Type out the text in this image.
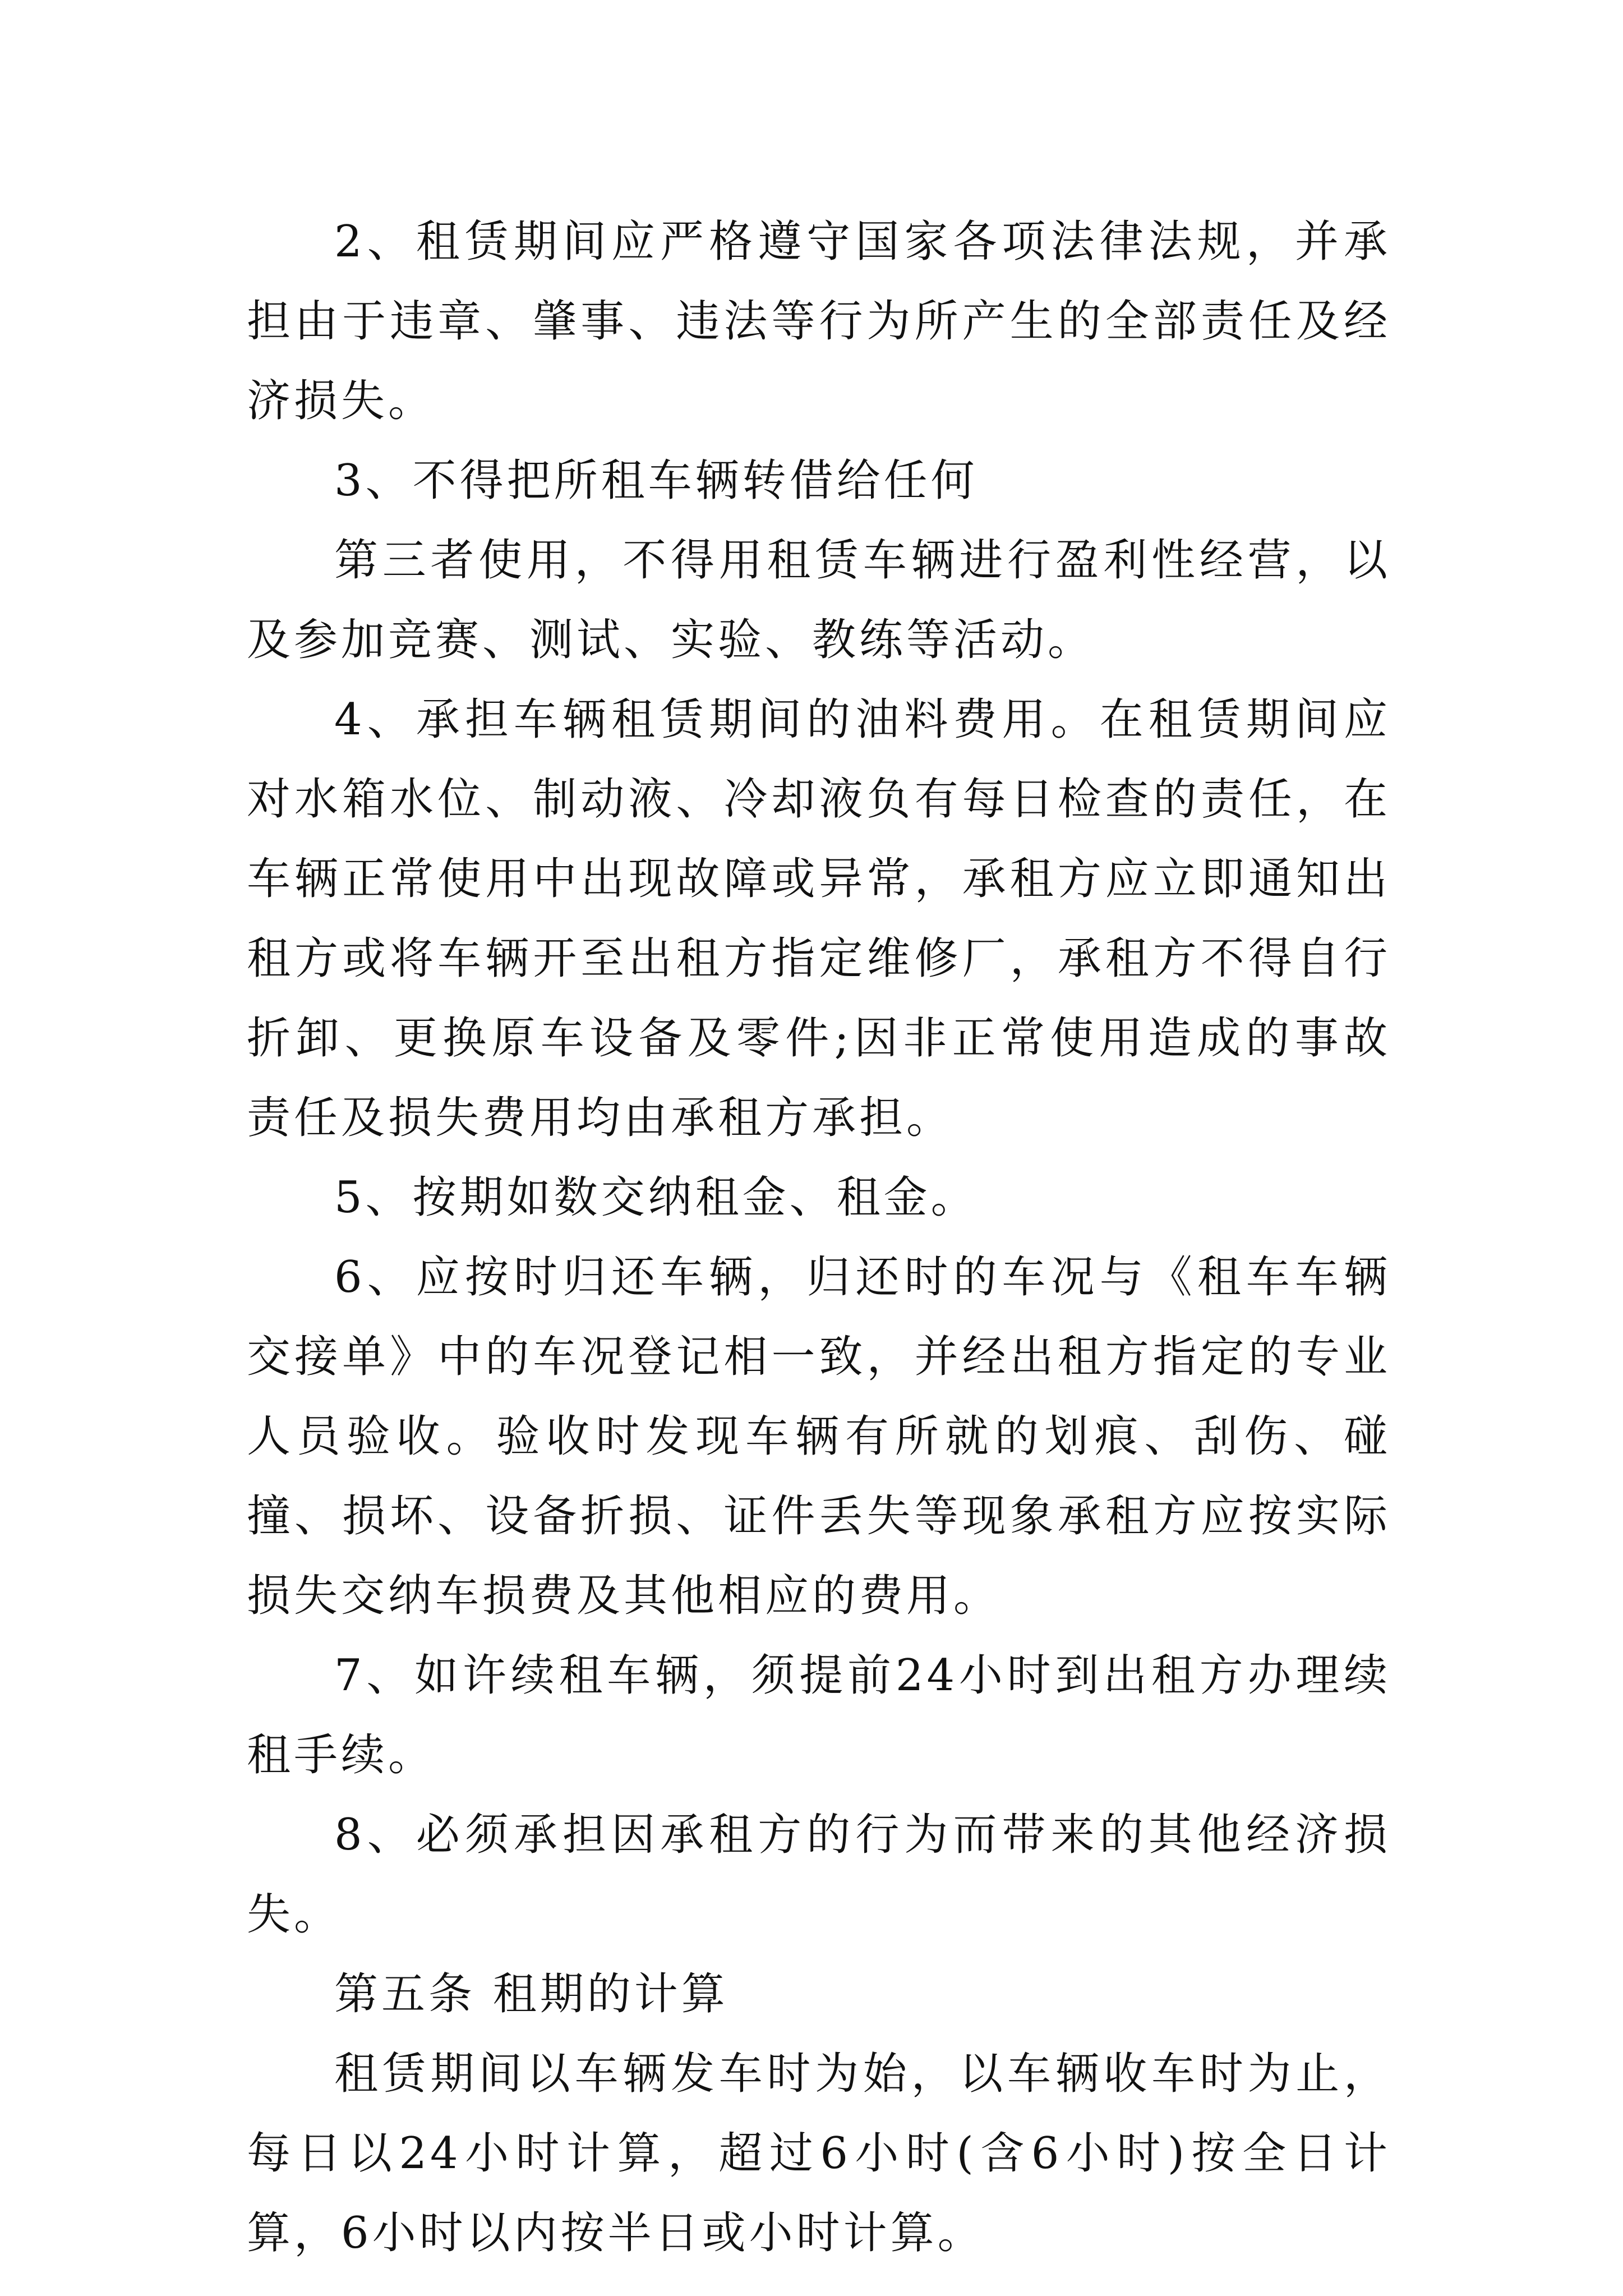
2、租赁期间应严格遵守国家各项法律法规，并承担由于违章、肇事、违法等行为所产生的全部责任及经济损失。

3、不得把所租车辆转借给任何

第三者使用，不得用租赁车辆进行盈利性经营，以及参加竞赛、测试、实验、教练等活动。

4、承担车辆租赁期间的油料费用。在租赁期间应对水箱水位、制动液、冷却液负有每日检查的责任，在车辆正常使用中出现故障或异常，承租方应立即通知出租方或将车辆开至出租方指定维修厂，承租方不得自行折卸、更换原车设备及零件;因非正常使用造成的事故责任及损失费用均由承租方承担。

5、按期如数交纳租金、租金。

6、应按时归还车辆，归还时的车况与《租车车辆交接单》中的车况登记相一致，并经出租方指定的专业人员验收。验收时发现车辆有所就的划痕、刮伤、碰撞、损坏、设备折损、证件丢失等现象承租方应按实际损失交纳车损费及其他相应的费用。

7、如许续租车辆，须提前24小时到出租方办理续租手续。

8、必须承担因承租方的行为而带来的其他经济损失。

第五条 租期的计算

租赁期间以车辆发车时为始，以车辆收车时为止，每日以24小时计算，超过6小时(含6小时)按全日计算，6小时以内按半日或小时计算。
